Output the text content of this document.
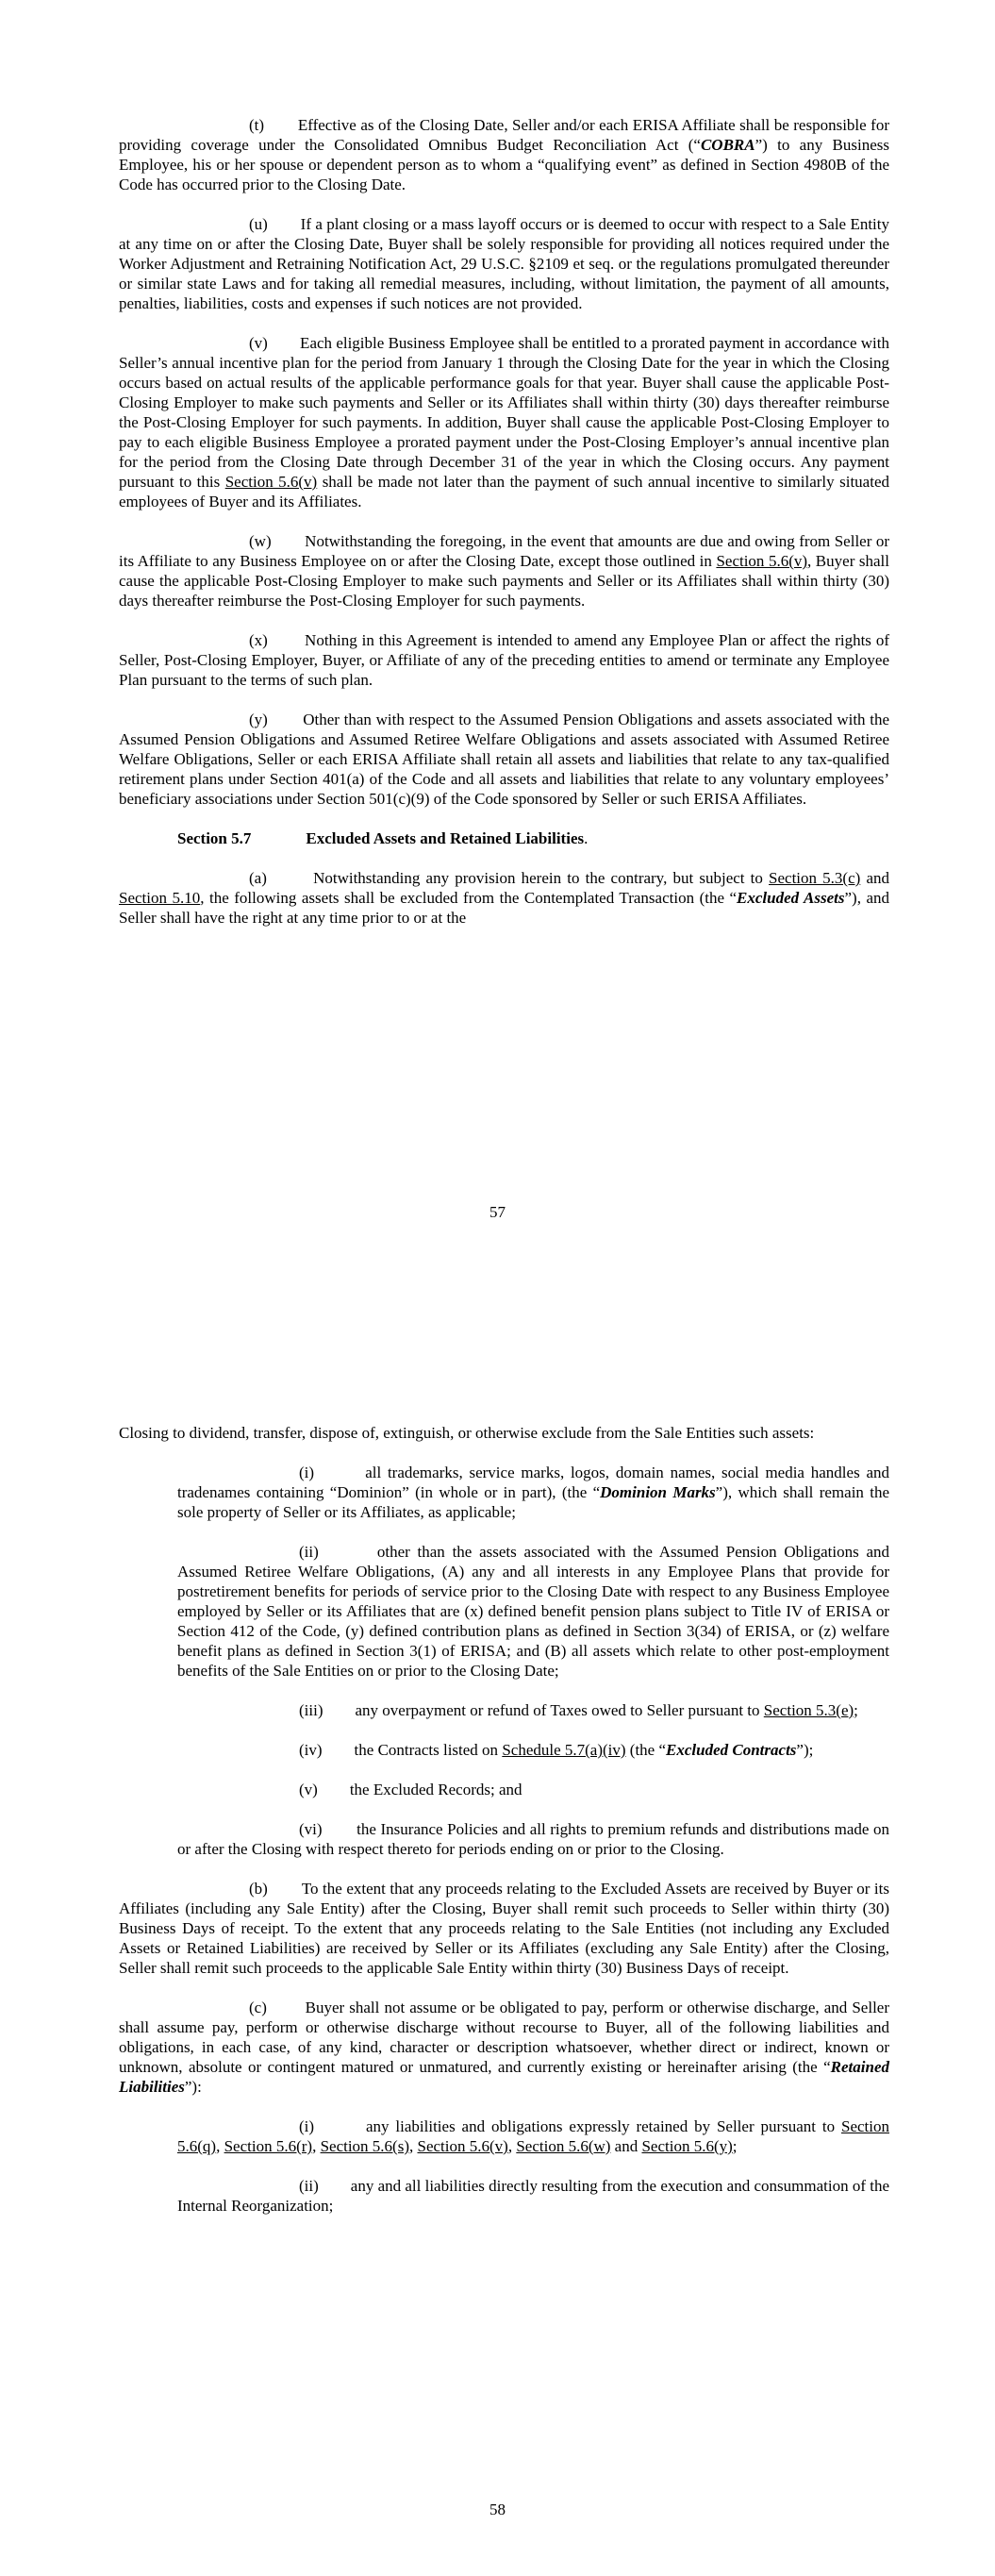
(t)        Effective as of the Closing Date, Seller and/or each ERISA Affiliate shall be responsible for providing coverage under the Consolidated Omnibus Budget Reconciliation Act (“COBRA”) to any Business Employee, his or her spouse or dependent person as to whom a “qualifying event” as defined in Section 4980B of the Code has occurred prior to the Closing Date.

(u)        If a plant closing or a mass layoff occurs or is deemed to occur with respect to a Sale Entity at any time on or after the Closing Date, Buyer shall be solely responsible for providing all notices required under the Worker Adjustment and Retraining Notification Act, 29 U.S.C. §2109 et seq. or the regulations promulgated thereunder or similar state Laws and for taking all remedial measures, including, without limitation, the payment of all amounts, penalties, liabilities, costs and expenses if such notices are not provided.

(v)        Each eligible Business Employee shall be entitled to a prorated payment in accordance with Seller’s annual incentive plan for the period from January 1 through the Closing Date for the year in which the Closing occurs based on actual results of the applicable performance goals for that year. Buyer shall cause the applicable Post-Closing Employer to make such payments and Seller or its Affiliates shall within thirty (30) days thereafter reimburse the Post-Closing Employer for such payments. In addition, Buyer shall cause the applicable Post-Closing Employer to pay to each eligible Business Employee a prorated payment under the Post-Closing Employer’s annual incentive plan for the period from the Closing Date through December 31 of the year in which the Closing occurs. Any payment pursuant to this Section 5.6(v) shall be made not later than the payment of such annual incentive to similarly situated employees of Buyer and its Affiliates.

(w)        Notwithstanding the foregoing, in the event that amounts are due and owing from Seller or its Affiliate to any Business Employee on or after the Closing Date, except those outlined in Section 5.6(v), Buyer shall cause the applicable Post-Closing Employer to make such payments and Seller or its Affiliates shall within thirty (30) days thereafter reimburse the Post-Closing Employer for such payments.

(x)        Nothing in this Agreement is intended to amend any Employee Plan or affect the rights of Seller, Post-Closing Employer, Buyer, or Affiliate of any of the preceding entities to amend or terminate any Employee Plan pursuant to the terms of such plan.

(y)        Other than with respect to the Assumed Pension Obligations and assets associated with the Assumed Pension Obligations and Assumed Retiree Welfare Obligations and assets associated with Assumed Retiree Welfare Obligations, Seller or each ERISA Affiliate shall retain all assets and liabilities that relate to any tax-qualified retirement plans under Section 401(a) of the Code and all assets and liabilities that relate to any voluntary employees’ beneficiary associations under Section 501(c)(9) of the Code sponsored by Seller or such ERISA Affiliates.

Section 5.7	Excluded Assets and Retained Liabilities.

(a)        Notwithstanding any provision herein to the contrary, but subject to Section 5.3(c) and Section 5.10, the following assets shall be excluded from the Contemplated Transaction (the “Excluded Assets”), and Seller shall have the right at any time prior to or at the

57

Closing to dividend, transfer, dispose of, extinguish, or otherwise exclude from the Sale Entities such assets:

(i)        all trademarks, service marks, logos, domain names, social media handles and tradenames containing “Dominion” (in whole or in part), (the “Dominion Marks”), which shall remain the sole property of Seller or its Affiliates, as applicable;

(ii)        other than the assets associated with the Assumed Pension Obligations and Assumed Retiree Welfare Obligations, (A) any and all interests in any Employee Plans that provide for postretirement benefits for periods of service prior to the Closing Date with respect to any Business Employee employed by Seller or its Affiliates that are (x) defined benefit pension plans subject to Title IV of ERISA or Section 412 of the Code, (y) defined contribution plans as defined in Section 3(34) of ERISA, or (z) welfare benefit plans as defined in Section 3(1) of ERISA; and (B) all assets which relate to other post-employment benefits of the Sale Entities on or prior to the Closing Date;

(iii)        any overpayment or refund of Taxes owed to Seller pursuant to Section 5.3(e);

(iv)        the Contracts listed on Schedule 5.7(a)(iv) (the “Excluded Contracts”);

(v)        the Excluded Records; and

(vi)        the Insurance Policies and all rights to premium refunds and distributions made on or after the Closing with respect thereto for periods ending on or prior to the Closing.

(b)        To the extent that any proceeds relating to the Excluded Assets are received by Buyer or its Affiliates (including any Sale Entity) after the Closing, Buyer shall remit such proceeds to Seller within thirty (30) Business Days of receipt. To the extent that any proceeds relating to the Sale Entities (not including any Excluded Assets or Retained Liabilities) are received by Seller or its Affiliates (excluding any Sale Entity) after the Closing, Seller shall remit such proceeds to the applicable Sale Entity within thirty (30) Business Days of receipt.

(c)        Buyer shall not assume or be obligated to pay, perform or otherwise discharge, and Seller shall assume pay, perform or otherwise discharge without recourse to Buyer, all of the following liabilities and obligations, in each case, of any kind, character or description whatsoever, whether direct or indirect, known or unknown, absolute or contingent matured or unmatured, and currently existing or hereinafter arising (the “Retained Liabilities”):

(i)        any liabilities and obligations expressly retained by Seller pursuant to Section 5.6(q), Section 5.6(r), Section 5.6(s), Section 5.6(v), Section 5.6(w) and Section 5.6(y);

(ii)        any and all liabilities directly resulting from the execution and consummation of the Internal Reorganization;

58
